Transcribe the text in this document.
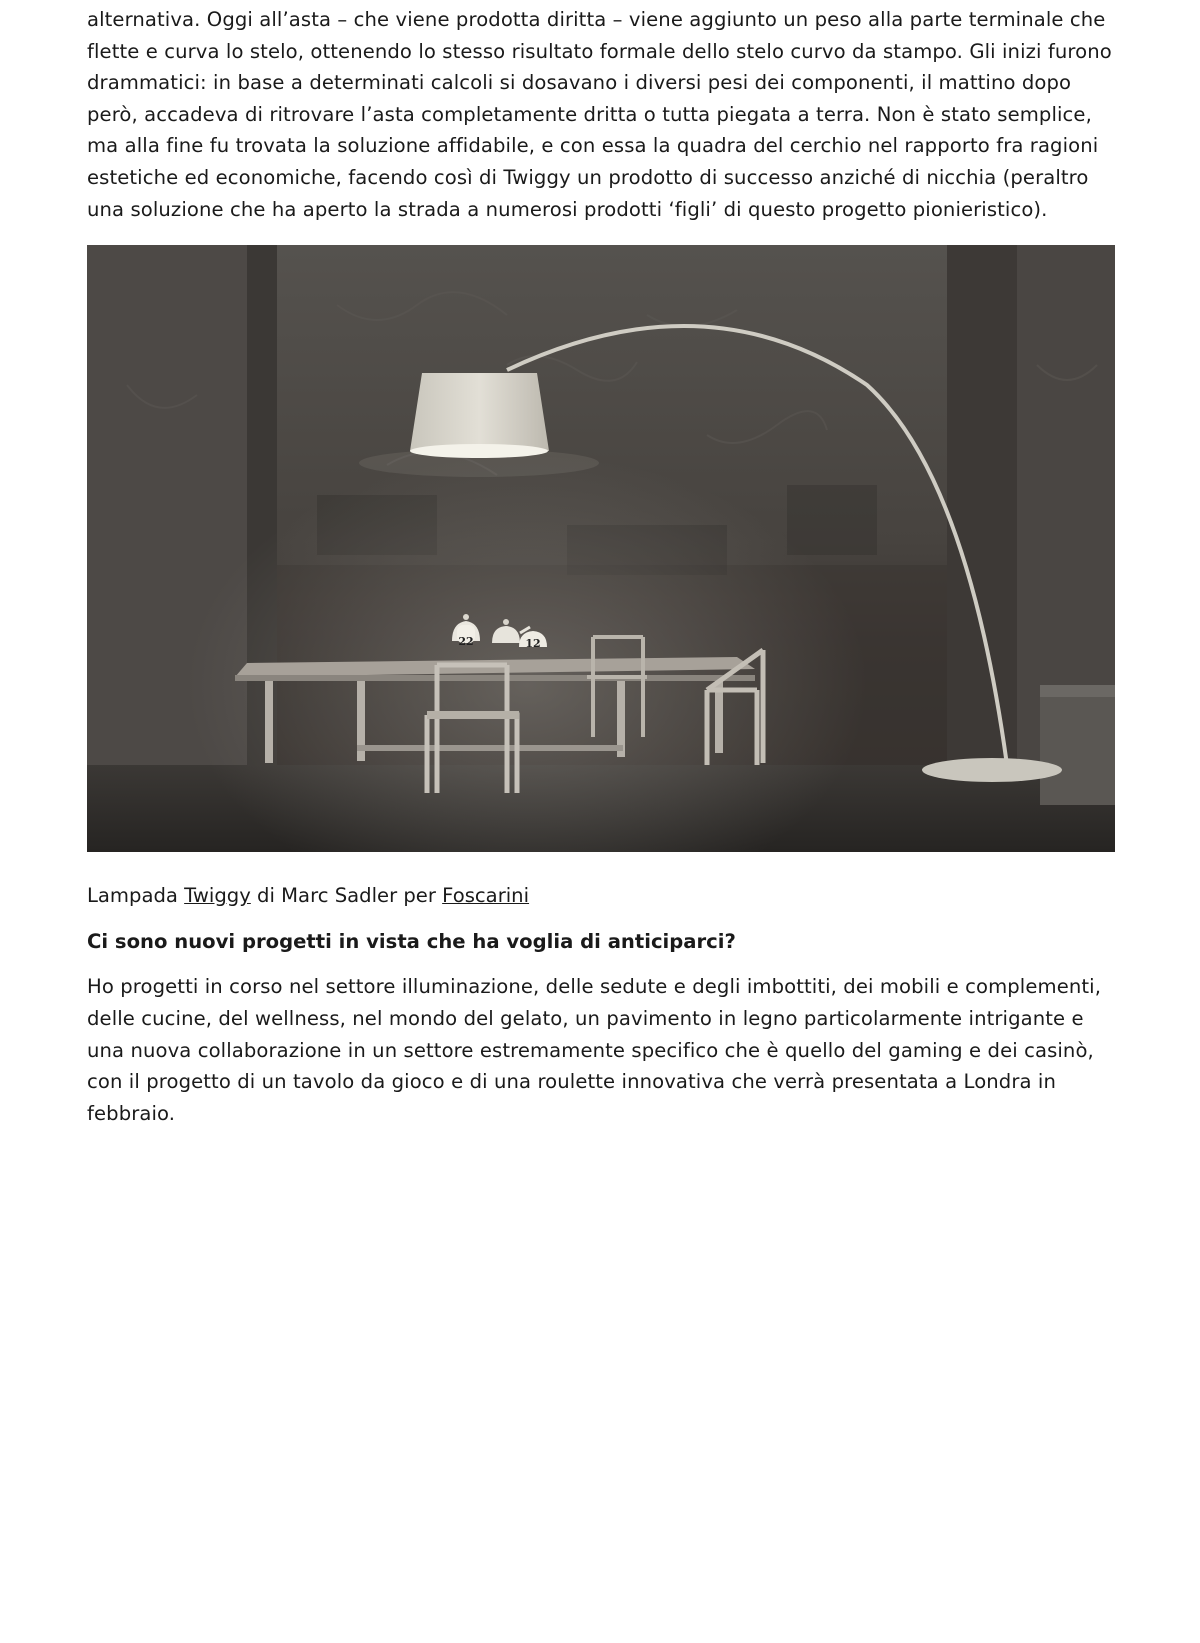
alternativa. Oggi all’asta – che viene prodotta diritta – viene aggiunto un peso alla parte terminale che flette e curva lo stelo, ottenendo lo stesso risultato formale dello stelo curvo da stampo. Gli inizi furono drammatici: in base a determinati calcoli si dosavano i diversi pesi dei componenti, il mattino dopo però, accadeva di ritrovare l’asta completamente dritta o tutta piegata a terra. Non è stato semplice, ma alla fine fu trovata la soluzione affidabile, e con essa la quadra del cerchio nel rapporto fra ragioni estetiche ed economiche, facendo così di Twiggy un prodotto di successo anziché di nicchia (peraltro una soluzione che ha aperto la strada a numerosi prodotti ‘figli’ di questo progetto pionieristico).

22	12

Lampada Twiggy di Marc Sadler per Foscarini

Ci sono nuovi progetti in vista che ha voglia di anticiparci?

Ho progetti in corso nel settore illuminazione, delle sedute e degli imbottiti, dei mobili e complementi, delle cucine, del wellness, nel mondo del gelato, un pavimento in legno particolarmente intrigante e una nuova collaborazione in un settore estremamente specifico che è quello del gaming e dei casinò, con il progetto di un tavolo da gioco e di una roulette innovativa che verrà presentata a Londra in febbraio.
